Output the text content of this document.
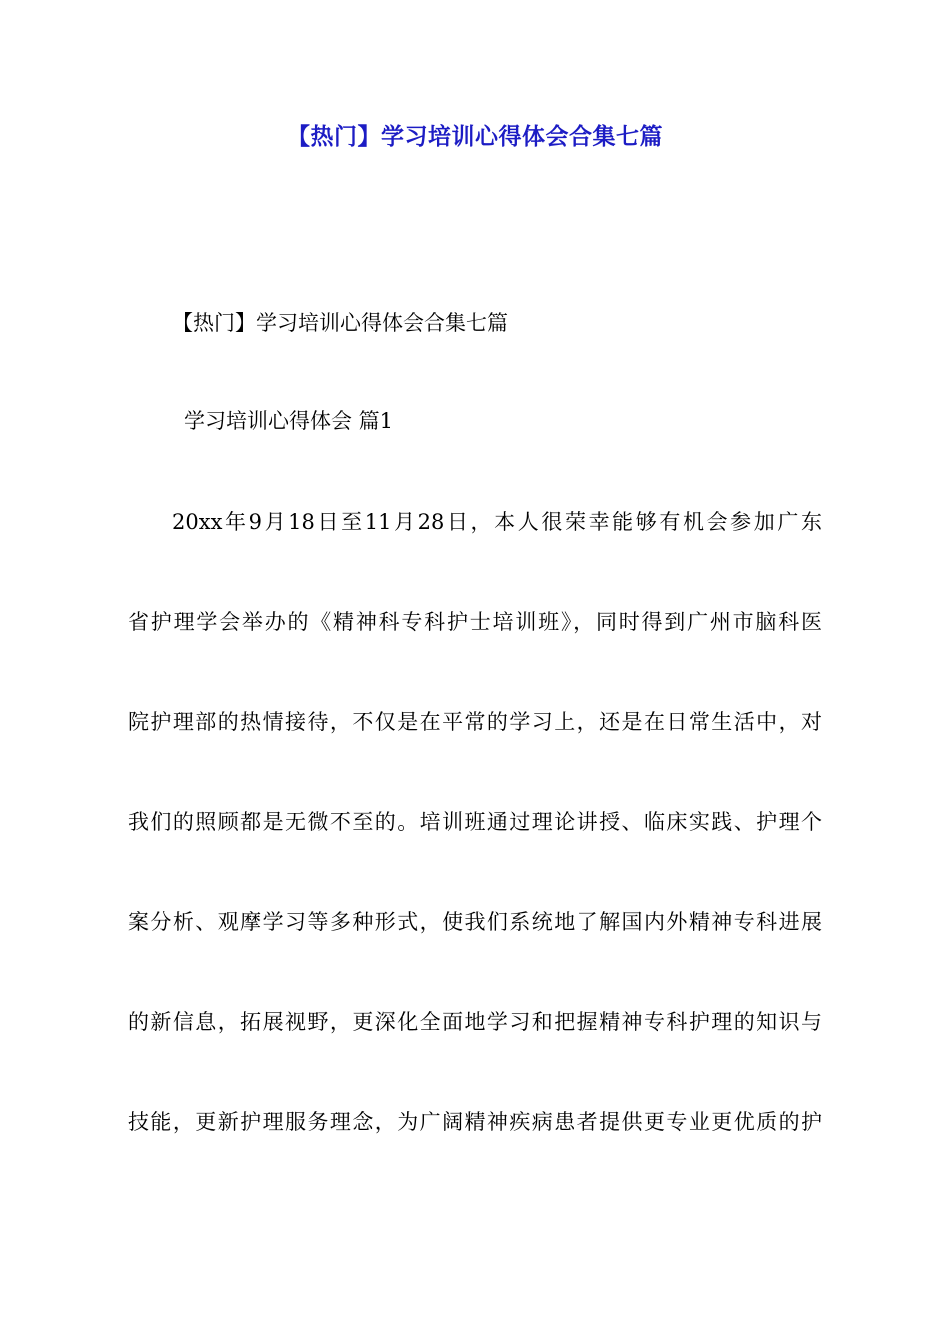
【热门】学习培训心得体会合集七篇

【热门】学习培训心得体会合集七篇

学习培训心得体会 篇1

20xx年9月18日至11月28日，本人很荣幸能够有机会参加广东
省护理学会举办的《精神科专科护士培训班》，同时得到广州市脑科医
院护理部的热情接待，不仅是在平常的学习上，还是在日常生活中，对
我们的照顾都是无微不至的。培训班通过理论讲授、临床实践、护理个
案分析、观摩学习等多种形式，使我们系统地了解国内外精神专科进展
的新信息，拓展视野，更深化全面地学习和把握精神专科护理的知识与
技能，更新护理服务理念，为广阔精神疾病患者提供更专业更优质的护
